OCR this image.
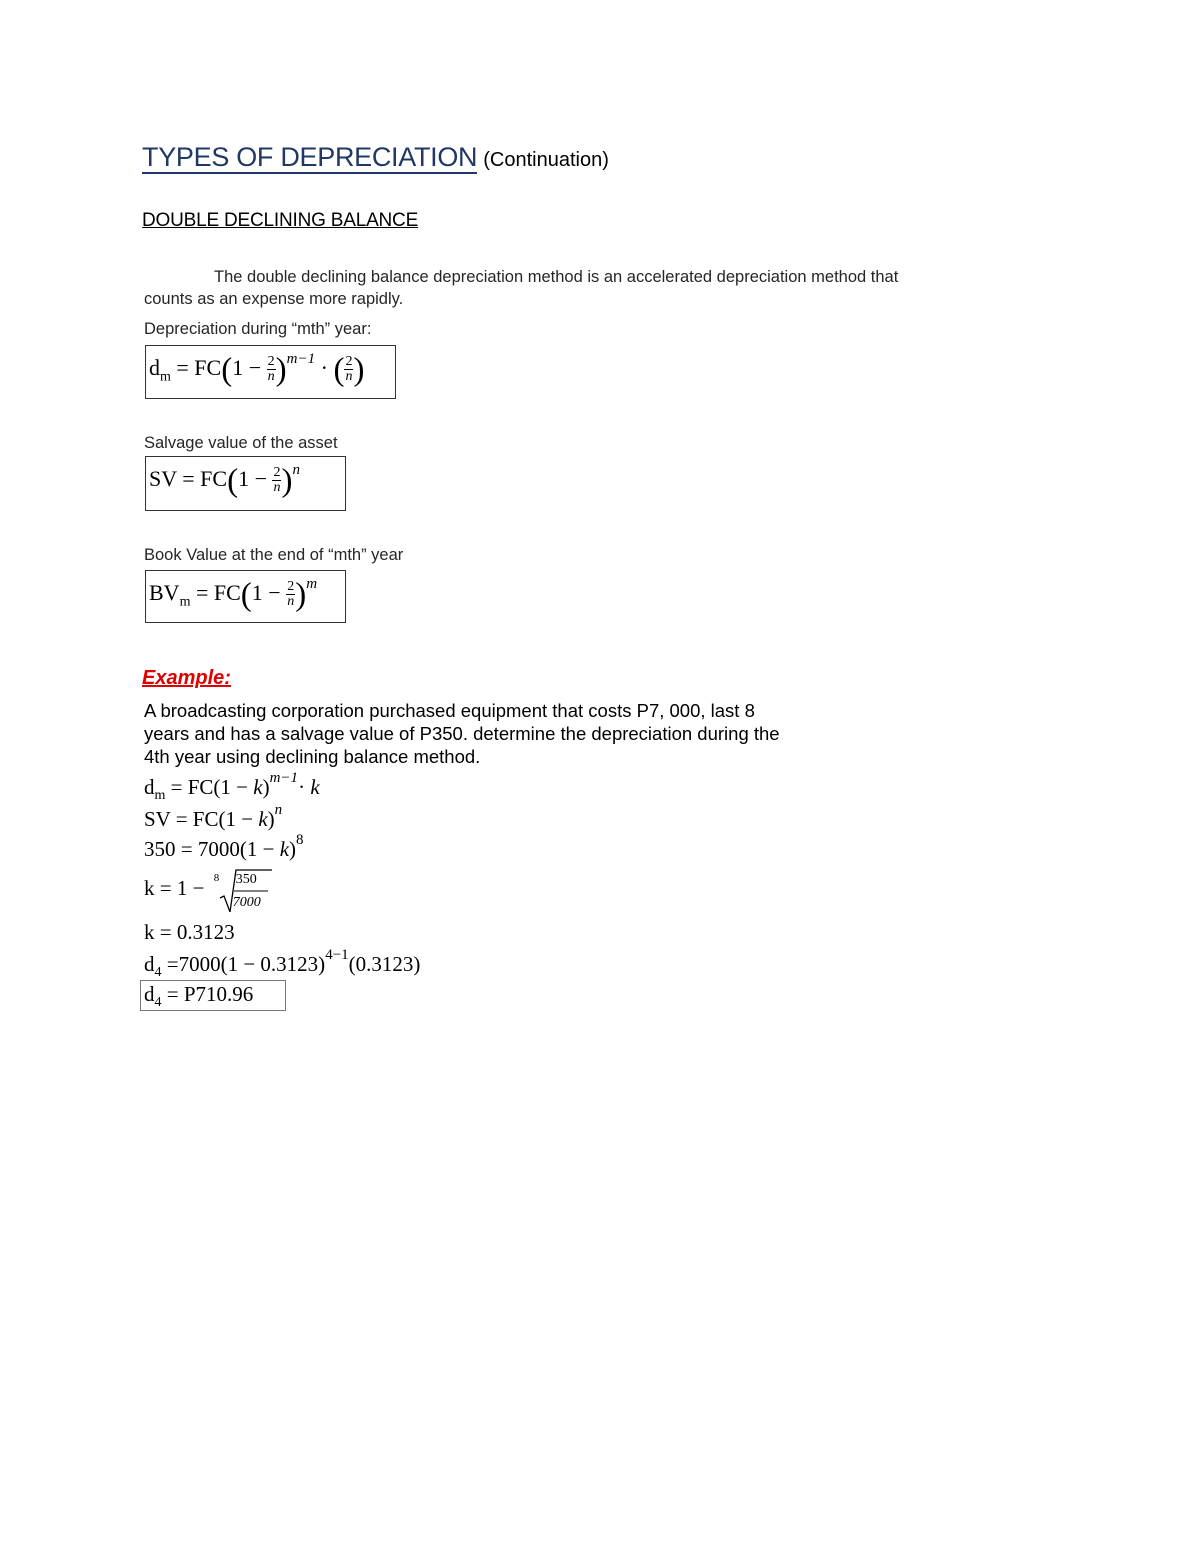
TYPES OF DEPRECIATION (Continuation)
DOUBLE DECLINING BALANCE
The double declining balance depreciation method is an accelerated depreciation method that
counts as an expense more rapidly.
Depreciation during “mth” year:
$d_m = FC(1 - \frac{2}{n} )^{m-1}$ · ( $\frac{2}{n}$ )
Salvage value of the asset
SV = $FC(1 - \frac{2}{n} )^n$
Book Value at the end of “mth” year
$BV_m = FC(1 - \frac{2}{n} )^m$
Example:
A broadcasting corporation purchased equipment that costs P7, 000, last 8
years and has a salvage value of P350. determine the depreciation during the
4th year using declining balance method.
$d_m = FC(1 - k)^{m-1}\cdot k$
SV = $FC(1 - k)^n$
$350 = 7000(1 - k)^8$
k = 1 − 8 350
7000
k = 0.3123
$d_4 =7000(1 - 0.3123)^{4-1}(0.3123)$
$d_4 = P710.96$
